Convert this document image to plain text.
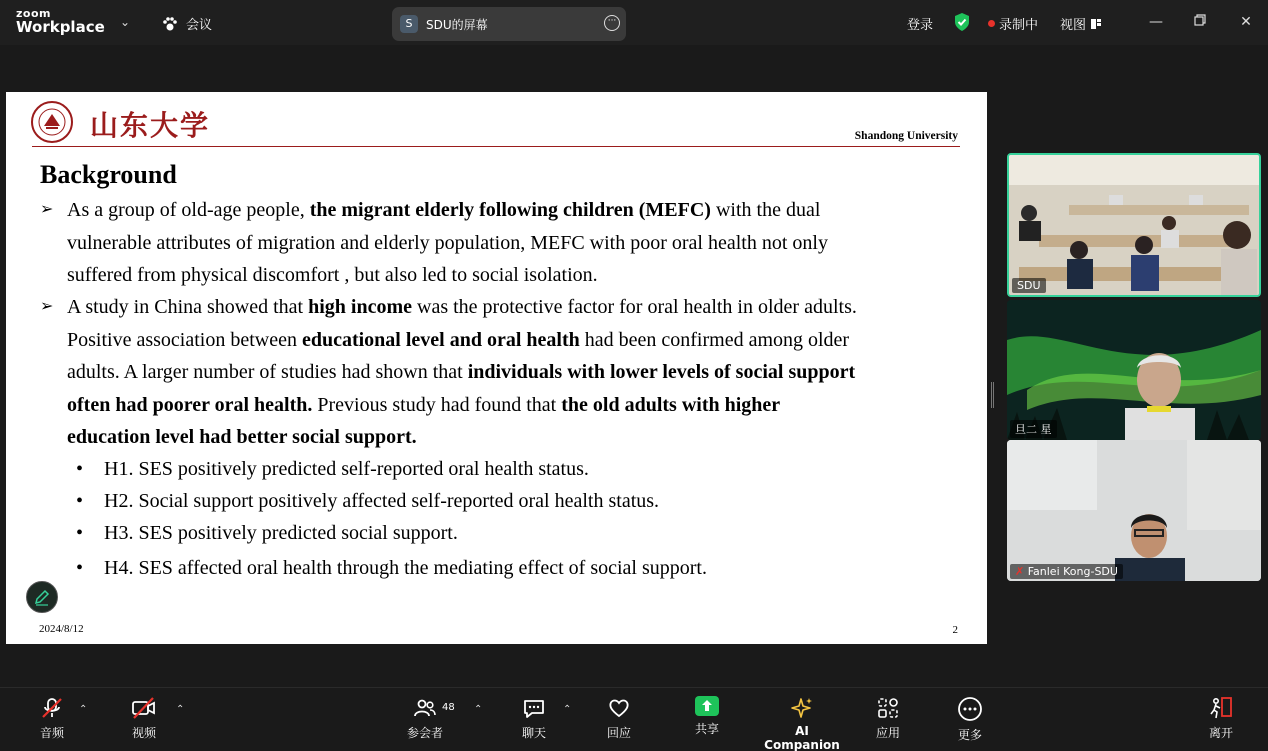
zoom
Workplace ⌄	会议	S	SDU的屏幕	···	登录	录制中 视图	—	✕
山东大学	Shandong University
Background
➢ As a group of old-age people, the migrant elderly following children (MEFC) with the dual
vulnerable attributes of migration and elderly population, MEFC with poor oral health not only
suffered from physical discomfort , but also led to social isolation.
➢ A study in China showed that high income was the protective factor for oral health in older adults.
Positive association between educational level and oral health had been confirmed among older
adults. A larger number of studies had shown that individuals with lower levels of social support
often had poorer oral health. Previous study had found that the old adults with higher
education level had better social support.
• H1. SES positively predicted self-reported oral health status.
• H2. Social support positively affected self-reported oral health status.
• H3. SES positively predicted social support.
• H4. SES affected oral health through the mediating effect of social support.
2024/8/12	2
SDU
旦二 星
✗ Fanlei Kong-SDU
音频
⌃
视频
⌃
参会者
48 ⌃
聊天
⌃
回应	共享	AI Companion
应用	更多	离开
